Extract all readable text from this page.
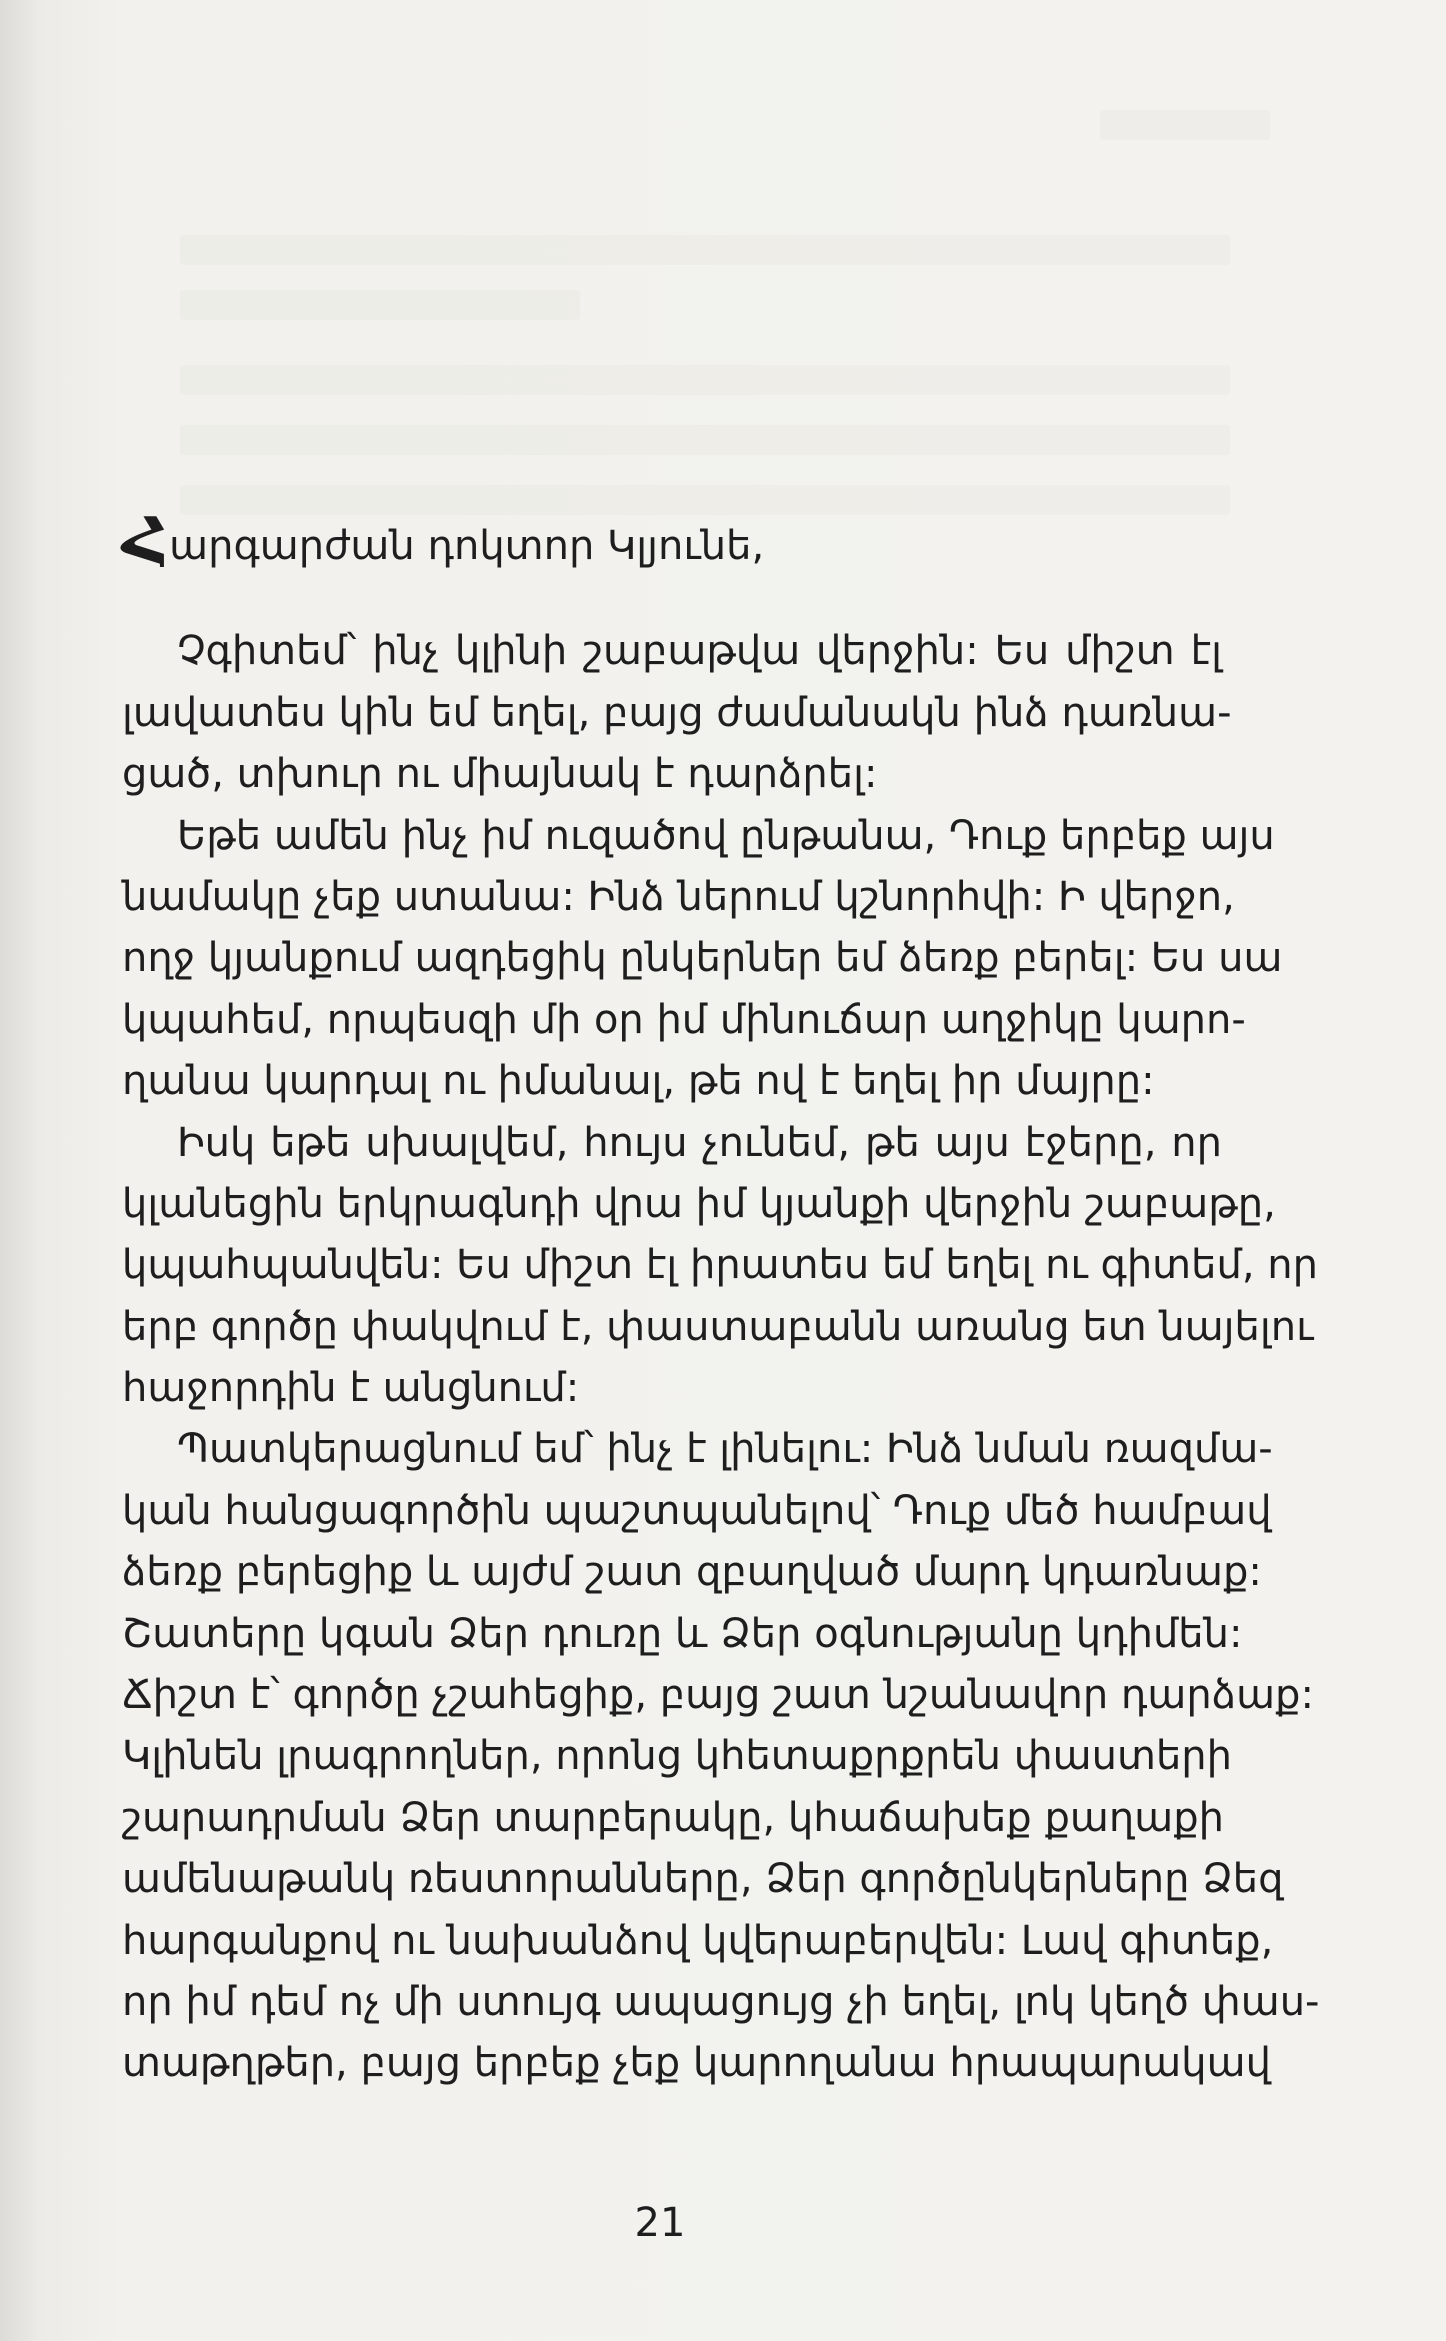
Հարգարժան դոկտոր Կլյունե,
Չգիտեմ՝ ինչ կլինի շաբաթվա վերջին: Ես միշտ էլ
լավատես կին եմ եղել, բայց ժամանակն ինձ դառնա-
ցած, տխուր ու միայնակ է դարձրել:
Եթե ամեն ինչ իմ ուզածով ընթանա, Դուք երբեք այս
նամակը չեք ստանա: Ինձ ներում կշնորհվի: Ի վերջո,
ողջ կյանքում ազդեցիկ ընկերներ եմ ձեռք բերել: Ես սա
կպահեմ, որպեսզի մի օր իմ մինուճար աղջիկը կարո-
ղանա կարդալ ու իմանալ, թե ով է եղել իր մայրը:
Իսկ եթե սխալվեմ, հույս չունեմ, թե այս էջերը, որ
կլանեցին երկրագնդի վրա իմ կյանքի վերջին շաբաթը,
կպահպանվեն: Ես միշտ էլ իրատես եմ եղել ու գիտեմ, որ
երբ գործը փակվում է, փաստաբանն առանց ետ նայելու
հաջորդին է անցնում:
Պատկերացնում եմ՝ ինչ է լինելու: Ինձ նման ռազմա-
կան հանցագործին պաշտպանելով՝ Դուք մեծ համբավ
ձեռք բերեցիք և այժմ շատ զբաղված մարդ կդառնաք:
Շատերը կգան Ձեր դուռը և Ձեր օգնությանը կդիմեն:
Ճիշտ է՝ գործը չշահեցիք, բայց շատ նշանավոր դարձաք:
Կլինեն լրագրողներ, որոնց կհետաքրքրեն փաստերի
շարադրման Ձեր տարբերակը, կհաճախեք քաղաքի
ամենաթանկ ռեստորանները, Ձեր գործընկերները Ձեզ
հարգանքով ու նախանձով կվերաբերվեն: Լավ գիտեք,
որ իմ դեմ ոչ մի ստույգ ապացույց չի եղել, լոկ կեղծ փաս-
տաթղթեր, բայց երբեք չեք կարողանա հրապարակավ
21
